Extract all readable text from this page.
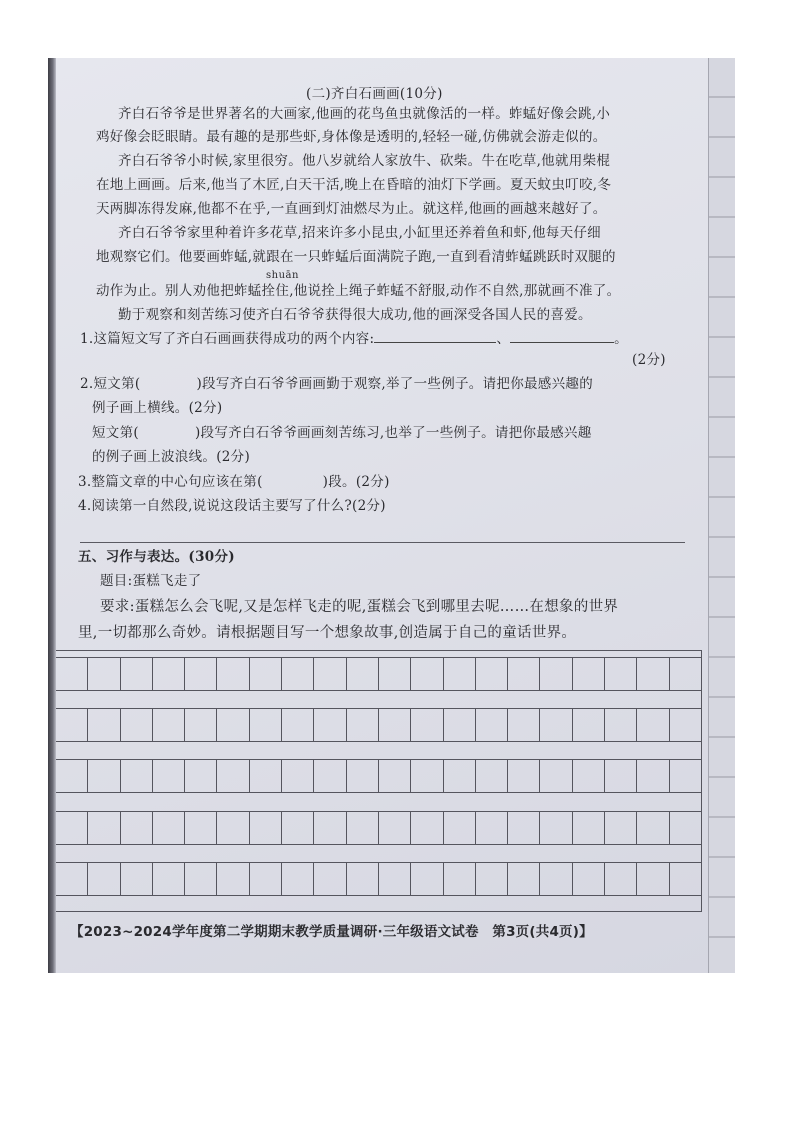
(二)齐白石画画(10分)
齐白石爷爷是世界著名的大画家,他画的花鸟鱼虫就像活的一样。蚱蜢好像会跳,小
鸡好像会眨眼睛。最有趣的是那些虾,身体像是透明的,轻轻一碰,仿佛就会游走似的。
齐白石爷爷小时候,家里很穷。他八岁就给人家放牛、砍柴。牛在吃草,他就用柴棍
在地上画画。后来,他当了木匠,白天干活,晚上在昏暗的油灯下学画。夏天蚊虫叮咬,冬
天两脚冻得发麻,他都不在乎,一直画到灯油燃尽为止。就这样,他画的画越来越好了。
齐白石爷爷家里种着许多花草,招来许多小昆虫,小缸里还养着鱼和虾,他每天仔细
地观察它们。他要画蚱蜢,就跟在一只蚱蜢后面满院子跑,一直到看清蚱蜢跳跃时双腿的
shuān
动作为止。别人劝他把蚱蜢拴住,他说拴上绳子蚱蜢不舒服,动作不自然,那就画不准了。
勤于观察和刻苦练习使齐白石爷爷获得很大成功,他的画深受各国人民的喜爱。
1.这篇短文写了齐白石画画获得成功的两个内容:	、	。
(2分)
2.短文第(	)段写齐白石爷爷画画勤于观察,举了一些例子。请把你最感兴趣的
例子画上横线。(2分)
短文第(	)段写齐白石爷爷画画刻苦练习,也举了一些例子。请把你最感兴趣
的例子画上波浪线。(2分)
3.整篇文章的中心句应该在第(	)段。(2分)
4.阅读第一自然段,说说这段话主要写了什么?(2分)
五、习作与表达。(30分)
题目:蛋糕飞走了
要求:蛋糕怎么会飞呢,又是怎样飞走的呢,蛋糕会飞到哪里去呢……在想象的世界
里,一切都那么奇妙。请根据题目写一个想象故事,创造属于自己的童话世界。
【2023~2024学年度第二学期期末教学质量调研·三年级语文试卷　第3页(共4页)】
